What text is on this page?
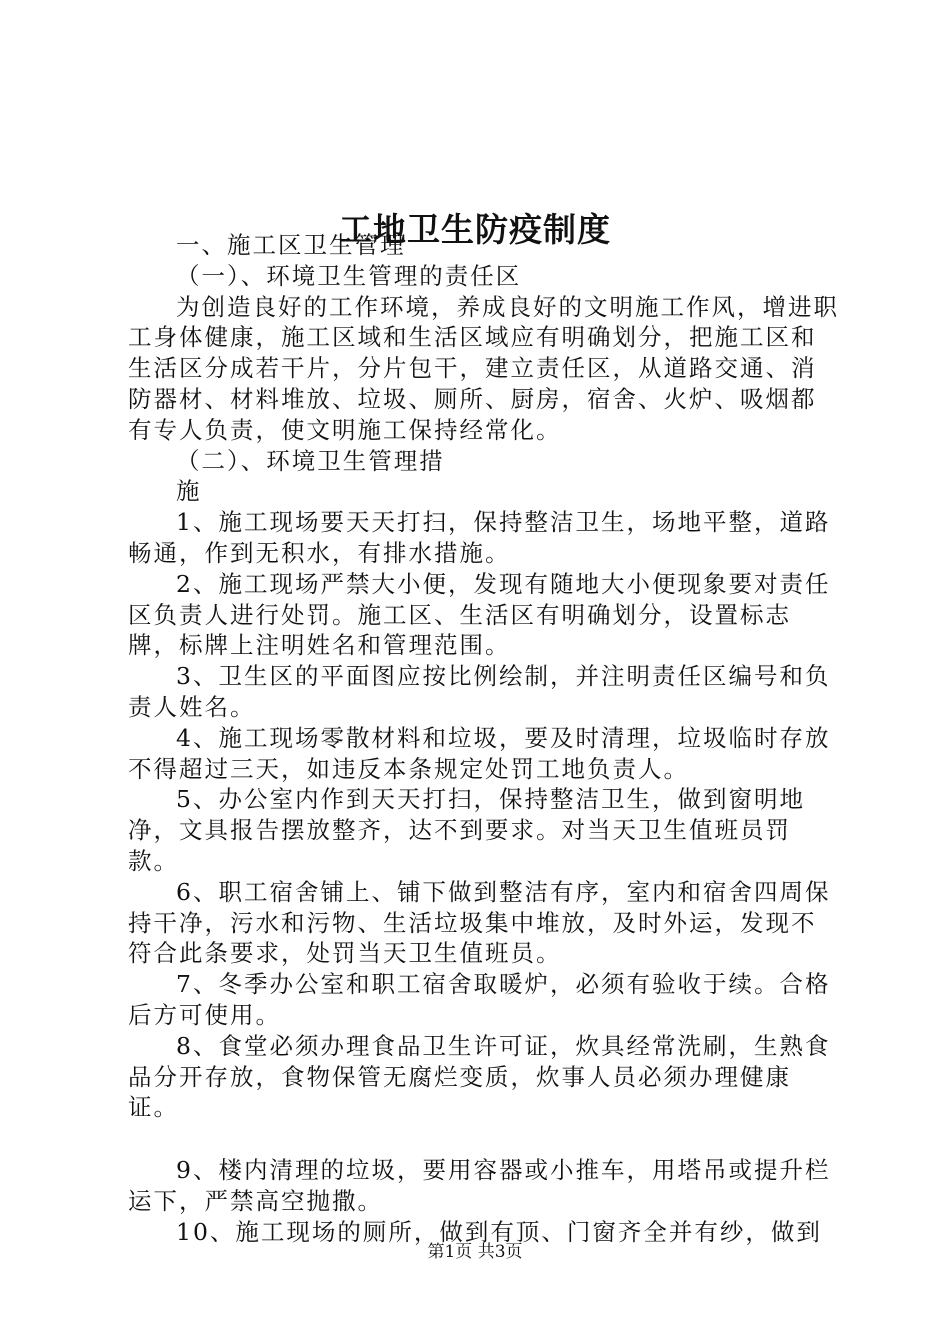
工地卫生防疫制度

一、施工区卫生管理

（一）、环境卫生管理的责任区

为创造良好的工作环境，养成良好的文明施工作风，增进职工身体健康，施工区域和生活区域应有明确划分，把施工区和生活区分成若干片，分片包干，建立责任区，从道路交通、消防器材、材料堆放、垃圾、厕所、厨房，宿舍、火炉、吸烟都有专人负责，使文明施工保持经常化。

（二）、环境卫生管理措

施

1、施工现场要天天打扫，保持整洁卫生，场地平整，道路畅通，作到无积水，有排水措施。

2、施工现场严禁大小便，发现有随地大小便现象要对责任区负责人进行处罚。施工区、生活区有明确划分，设置标志牌，标牌上注明姓名和管理范围。

3、卫生区的平面图应按比例绘制，并注明责任区编号和负责人姓名。

4、施工现场零散材料和垃圾，要及时清理，垃圾临时存放不得超过三天，如违反本条规定处罚工地负责人。

5、办公室内作到天天打扫，保持整洁卫生，做到窗明地净，文具报告摆放整齐，达不到要求。对当天卫生值班员罚款。

6、职工宿舍铺上、铺下做到整洁有序，室内和宿舍四周保持干净，污水和污物、生活垃圾集中堆放，及时外运，发现不符合此条要求，处罚当天卫生值班员。

7、冬季办公室和职工宿舍取暖炉，必须有验收于续。合格后方可使用。

8、食堂必须办理食品卫生许可证，炊具经常洗刷，生熟食品分开存放，食物保管无腐烂变质，炊事人员必须办理健康证。

9、楼内清理的垃圾，要用容器或小推车，用塔吊或提升栏运下，严禁高空抛撒。

10、施工现场的厕所，做到有顶、门窗齐全并有纱，做到

第1页 共3页
